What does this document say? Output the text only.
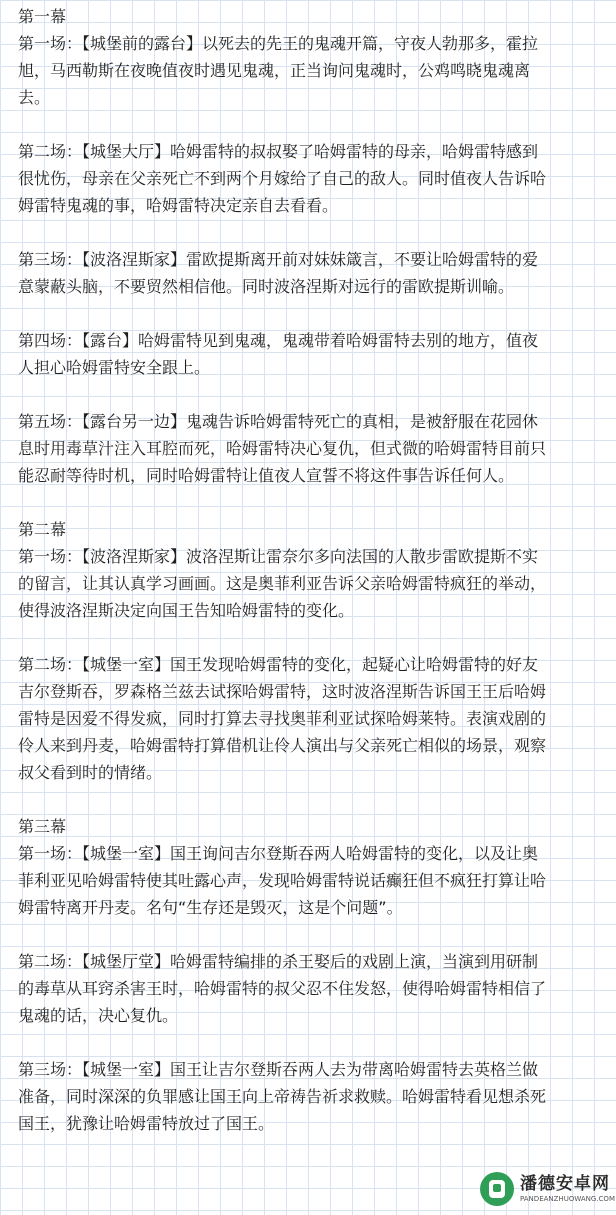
第一幕
第一场：【城堡前的露台】以死去的先王的鬼魂开篇，守夜人勃那多，霍拉
旭，马西勒斯在夜晚值夜时遇见鬼魂，正当询问鬼魂时，公鸡鸣晓鬼魂离
去。
第二场：【城堡大厅】哈姆雷特的叔叔娶了哈姆雷特的母亲，哈姆雷特感到
很忧伤，母亲在父亲死亡不到两个月嫁给了自己的敌人。同时值夜人告诉哈
姆雷特鬼魂的事，哈姆雷特决定亲自去看看。
第三场：【波洛涅斯家】雷欧提斯离开前对妹妹箴言，不要让哈姆雷特的爱
意蒙蔽头脑，不要贸然相信他。同时波洛涅斯对远行的雷欧提斯训喻。
第四场：【露台】哈姆雷特见到鬼魂，鬼魂带着哈姆雷特去别的地方，值夜
人担心哈姆雷特安全跟上。
第五场：【露台另一边】鬼魂告诉哈姆雷特死亡的真相，是被舒服在花园休
息时用毒草汁注入耳腔而死，哈姆雷特决心复仇，但式微的哈姆雷特目前只
能忍耐等待时机，同时哈姆雷特让值夜人宣誓不将这件事告诉任何人。
第二幕
第一场：【波洛涅斯家】波洛涅斯让雷奈尔多向法国的人散步雷欧提斯不实
的留言，让其认真学习画画。这是奥菲利亚告诉父亲哈姆雷特疯狂的举动，
使得波洛涅斯决定向国王告知哈姆雷特的变化。
第二场：【城堡一室】国王发现哈姆雷特的变化，起疑心让哈姆雷特的好友
吉尔登斯吞，罗森格兰兹去试探哈姆雷特，这时波洛涅斯告诉国王王后哈姆
雷特是因爱不得发疯，同时打算去寻找奥菲利亚试探哈姆莱特。表演戏剧的
伶人来到丹麦，哈姆雷特打算借机让伶人演出与父亲死亡相似的场景，观察
叔父看到时的情绪。
第三幕
第一场：【城堡一室】国王询问吉尔登斯吞两人哈姆雷特的变化，以及让奥
菲利亚见哈姆雷特使其吐露心声，发现哈姆雷特说话癫狂但不疯狂打算让哈
姆雷特离开丹麦。名句“生存还是毁灭，这是个问题”。
第二场：【城堡厅堂】哈姆雷特编排的杀王娶后的戏剧上演，当演到用研制
的毒草从耳窍杀害王时，哈姆雷特的叔父忍不住发怒，使得哈姆雷特相信了
鬼魂的话，决心复仇。
第三场：【城堡一室】国王让吉尔登斯吞两人去为带离哈姆雷特去英格兰做
准备，同时深深的负罪感让国王向上帝祷告祈求救赎。哈姆雷特看见想杀死
国王，犹豫让哈姆雷特放过了国王。
潘德安卓网
PANDEANZHUOWANG.COM
